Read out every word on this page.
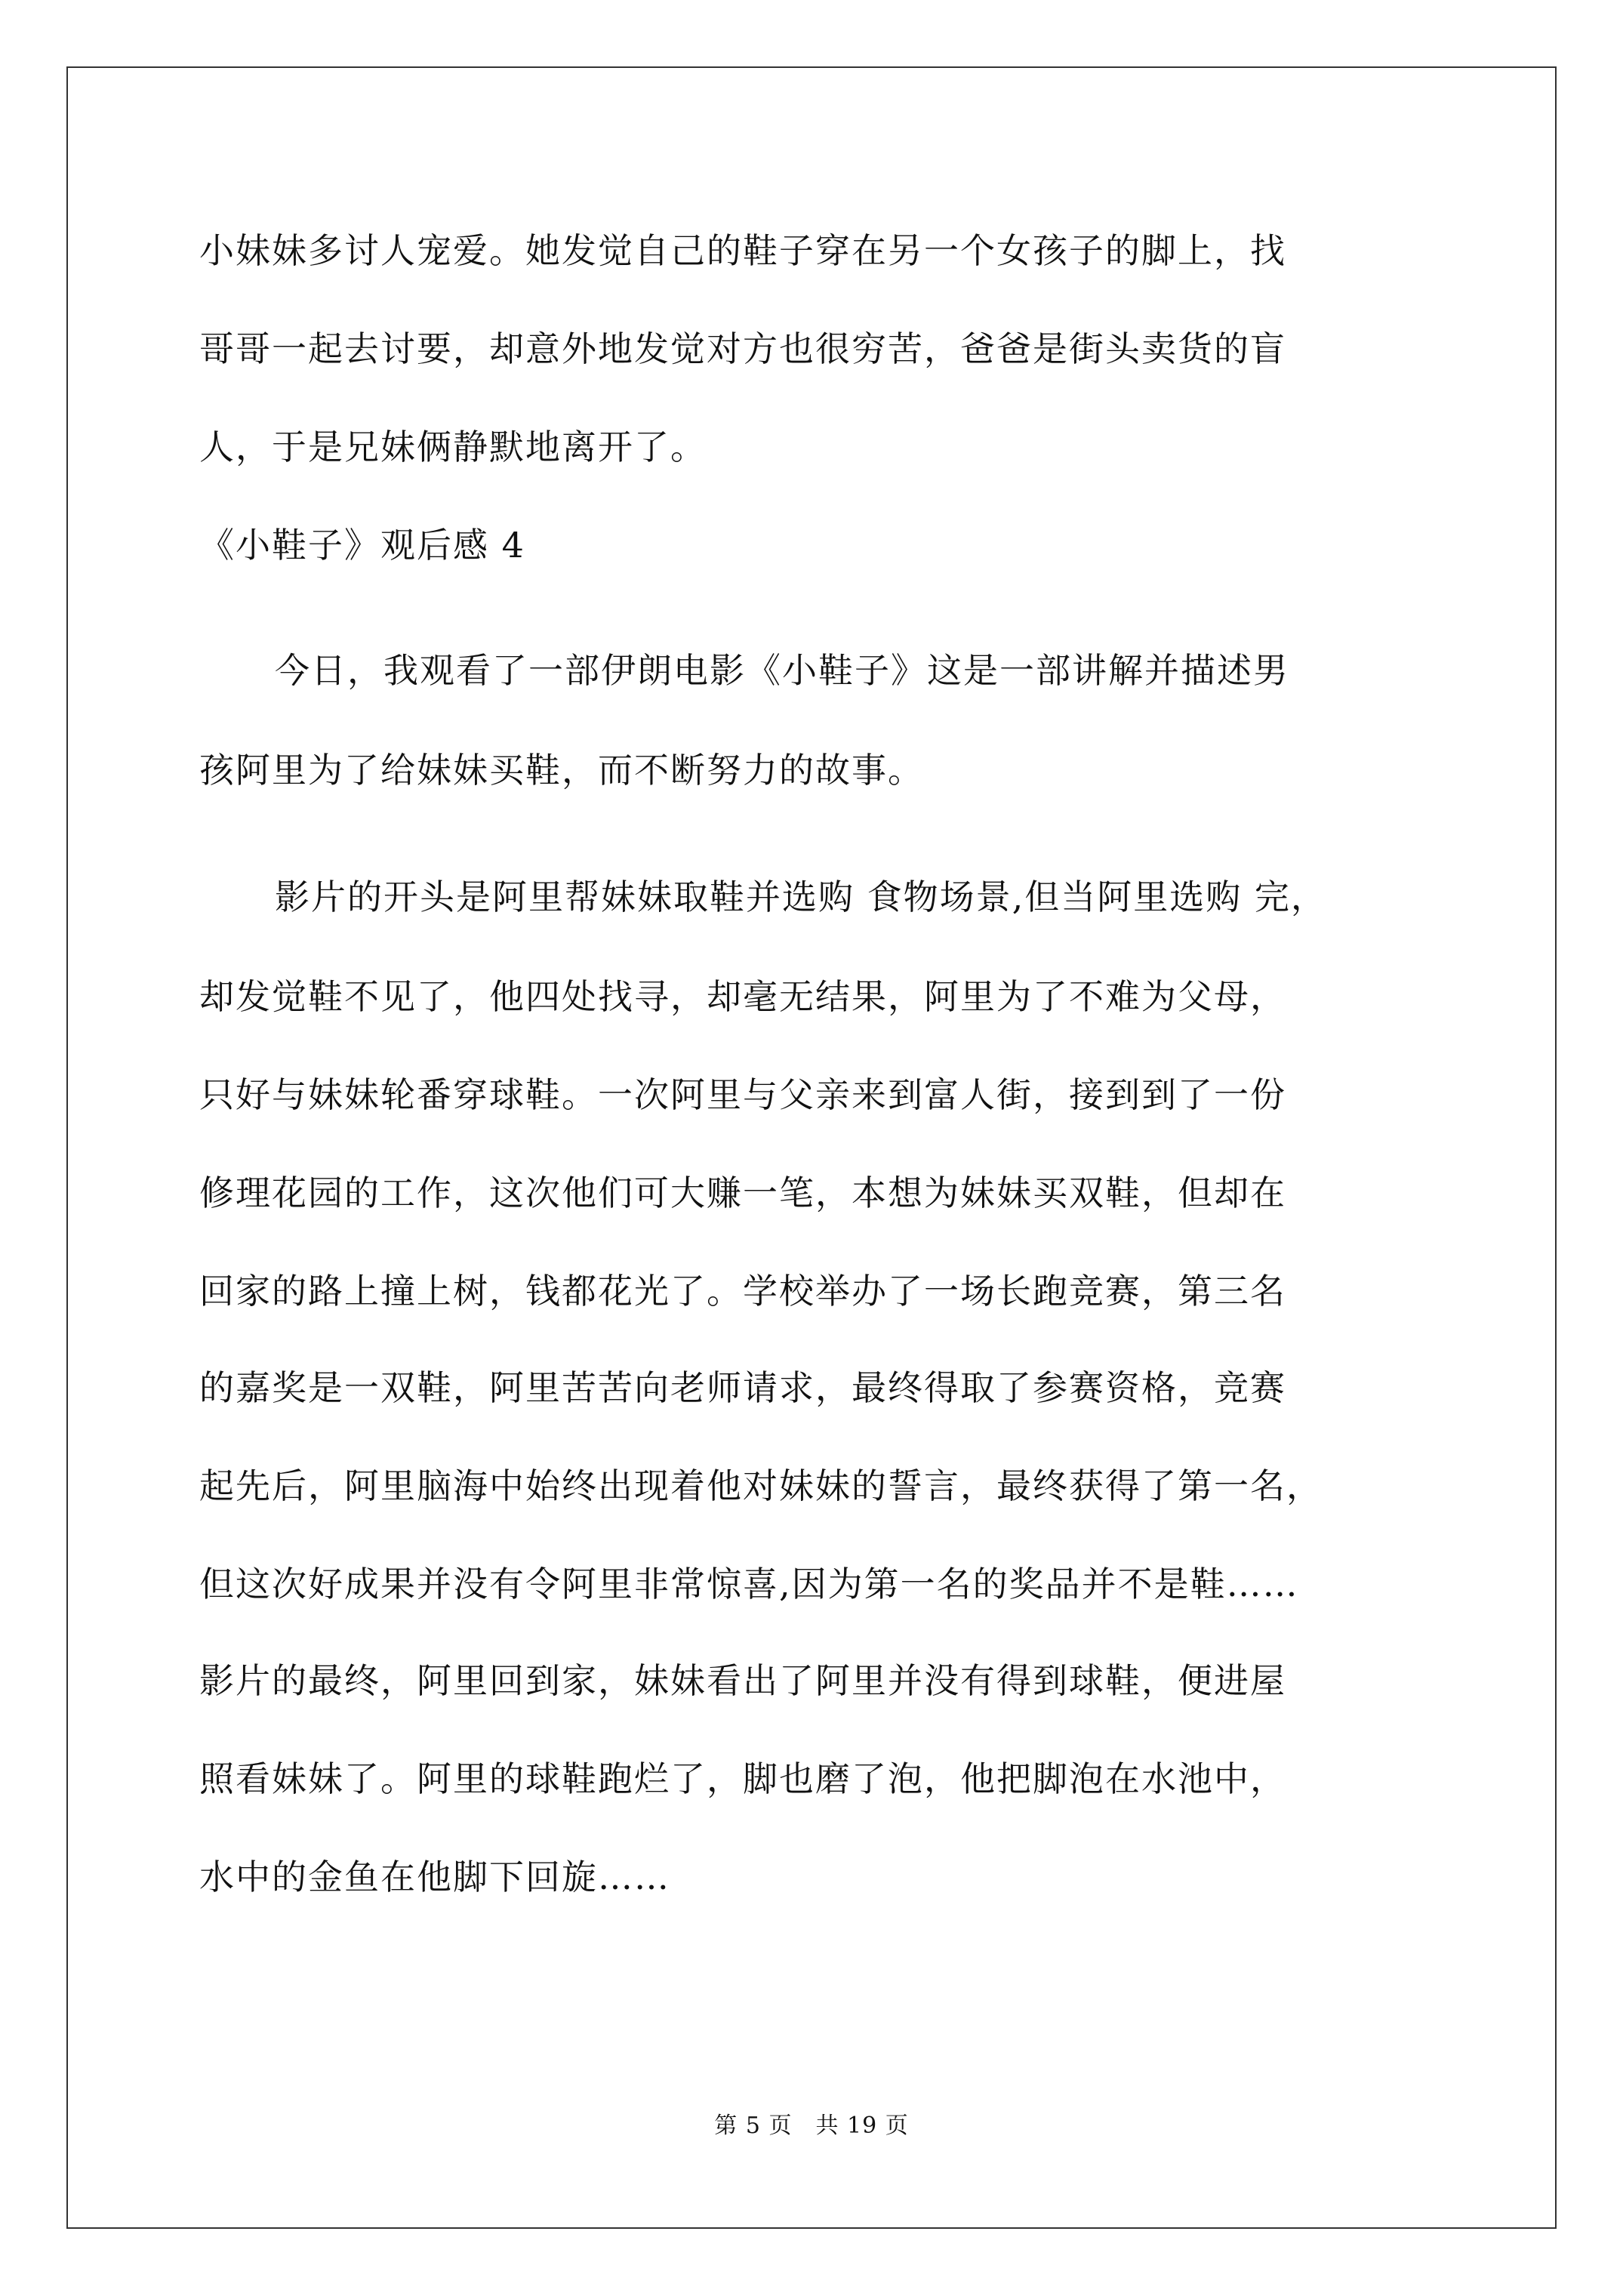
小妹妹多讨人宠爱。她发觉自己的鞋子穿在另一个女孩子的脚上，找
哥哥一起去讨要，却意外地发觉对方也很穷苦，爸爸是街头卖货的盲
人，于是兄妹俩静默地离开了。
《小鞋子》观后感 4
今日，我观看了一部伊朗电影《小鞋子》这是一部讲解并描述男
孩阿里为了给妹妹买鞋，而不断努力的故事。
影片的开头是阿里帮妹妹取鞋并选购 食物场景,但当阿里选购 完，
却发觉鞋不见了，他四处找寻，却毫无结果，阿里为了不难为父母，
只好与妹妹轮番穿球鞋。一次阿里与父亲来到富人街，接到到了一份
修理花园的工作，这次他们可大赚一笔，本想为妹妹买双鞋，但却在
回家的路上撞上树，钱都花光了。学校举办了一场长跑竞赛，第三名
的嘉奖是一双鞋，阿里苦苦向老师请求，最终得取了参赛资格，竞赛
起先后，阿里脑海中始终出现着他对妹妹的誓言，最终获得了第一名，
但这次好成果并没有令阿里非常惊喜,因为第一名的奖品并不是鞋……
影片的最终，阿里回到家，妹妹看出了阿里并没有得到球鞋，便进屋
照看妹妹了。阿里的球鞋跑烂了，脚也磨了泡，他把脚泡在水池中，
水中的金鱼在他脚下回旋……
第 5 页　共 19 页
